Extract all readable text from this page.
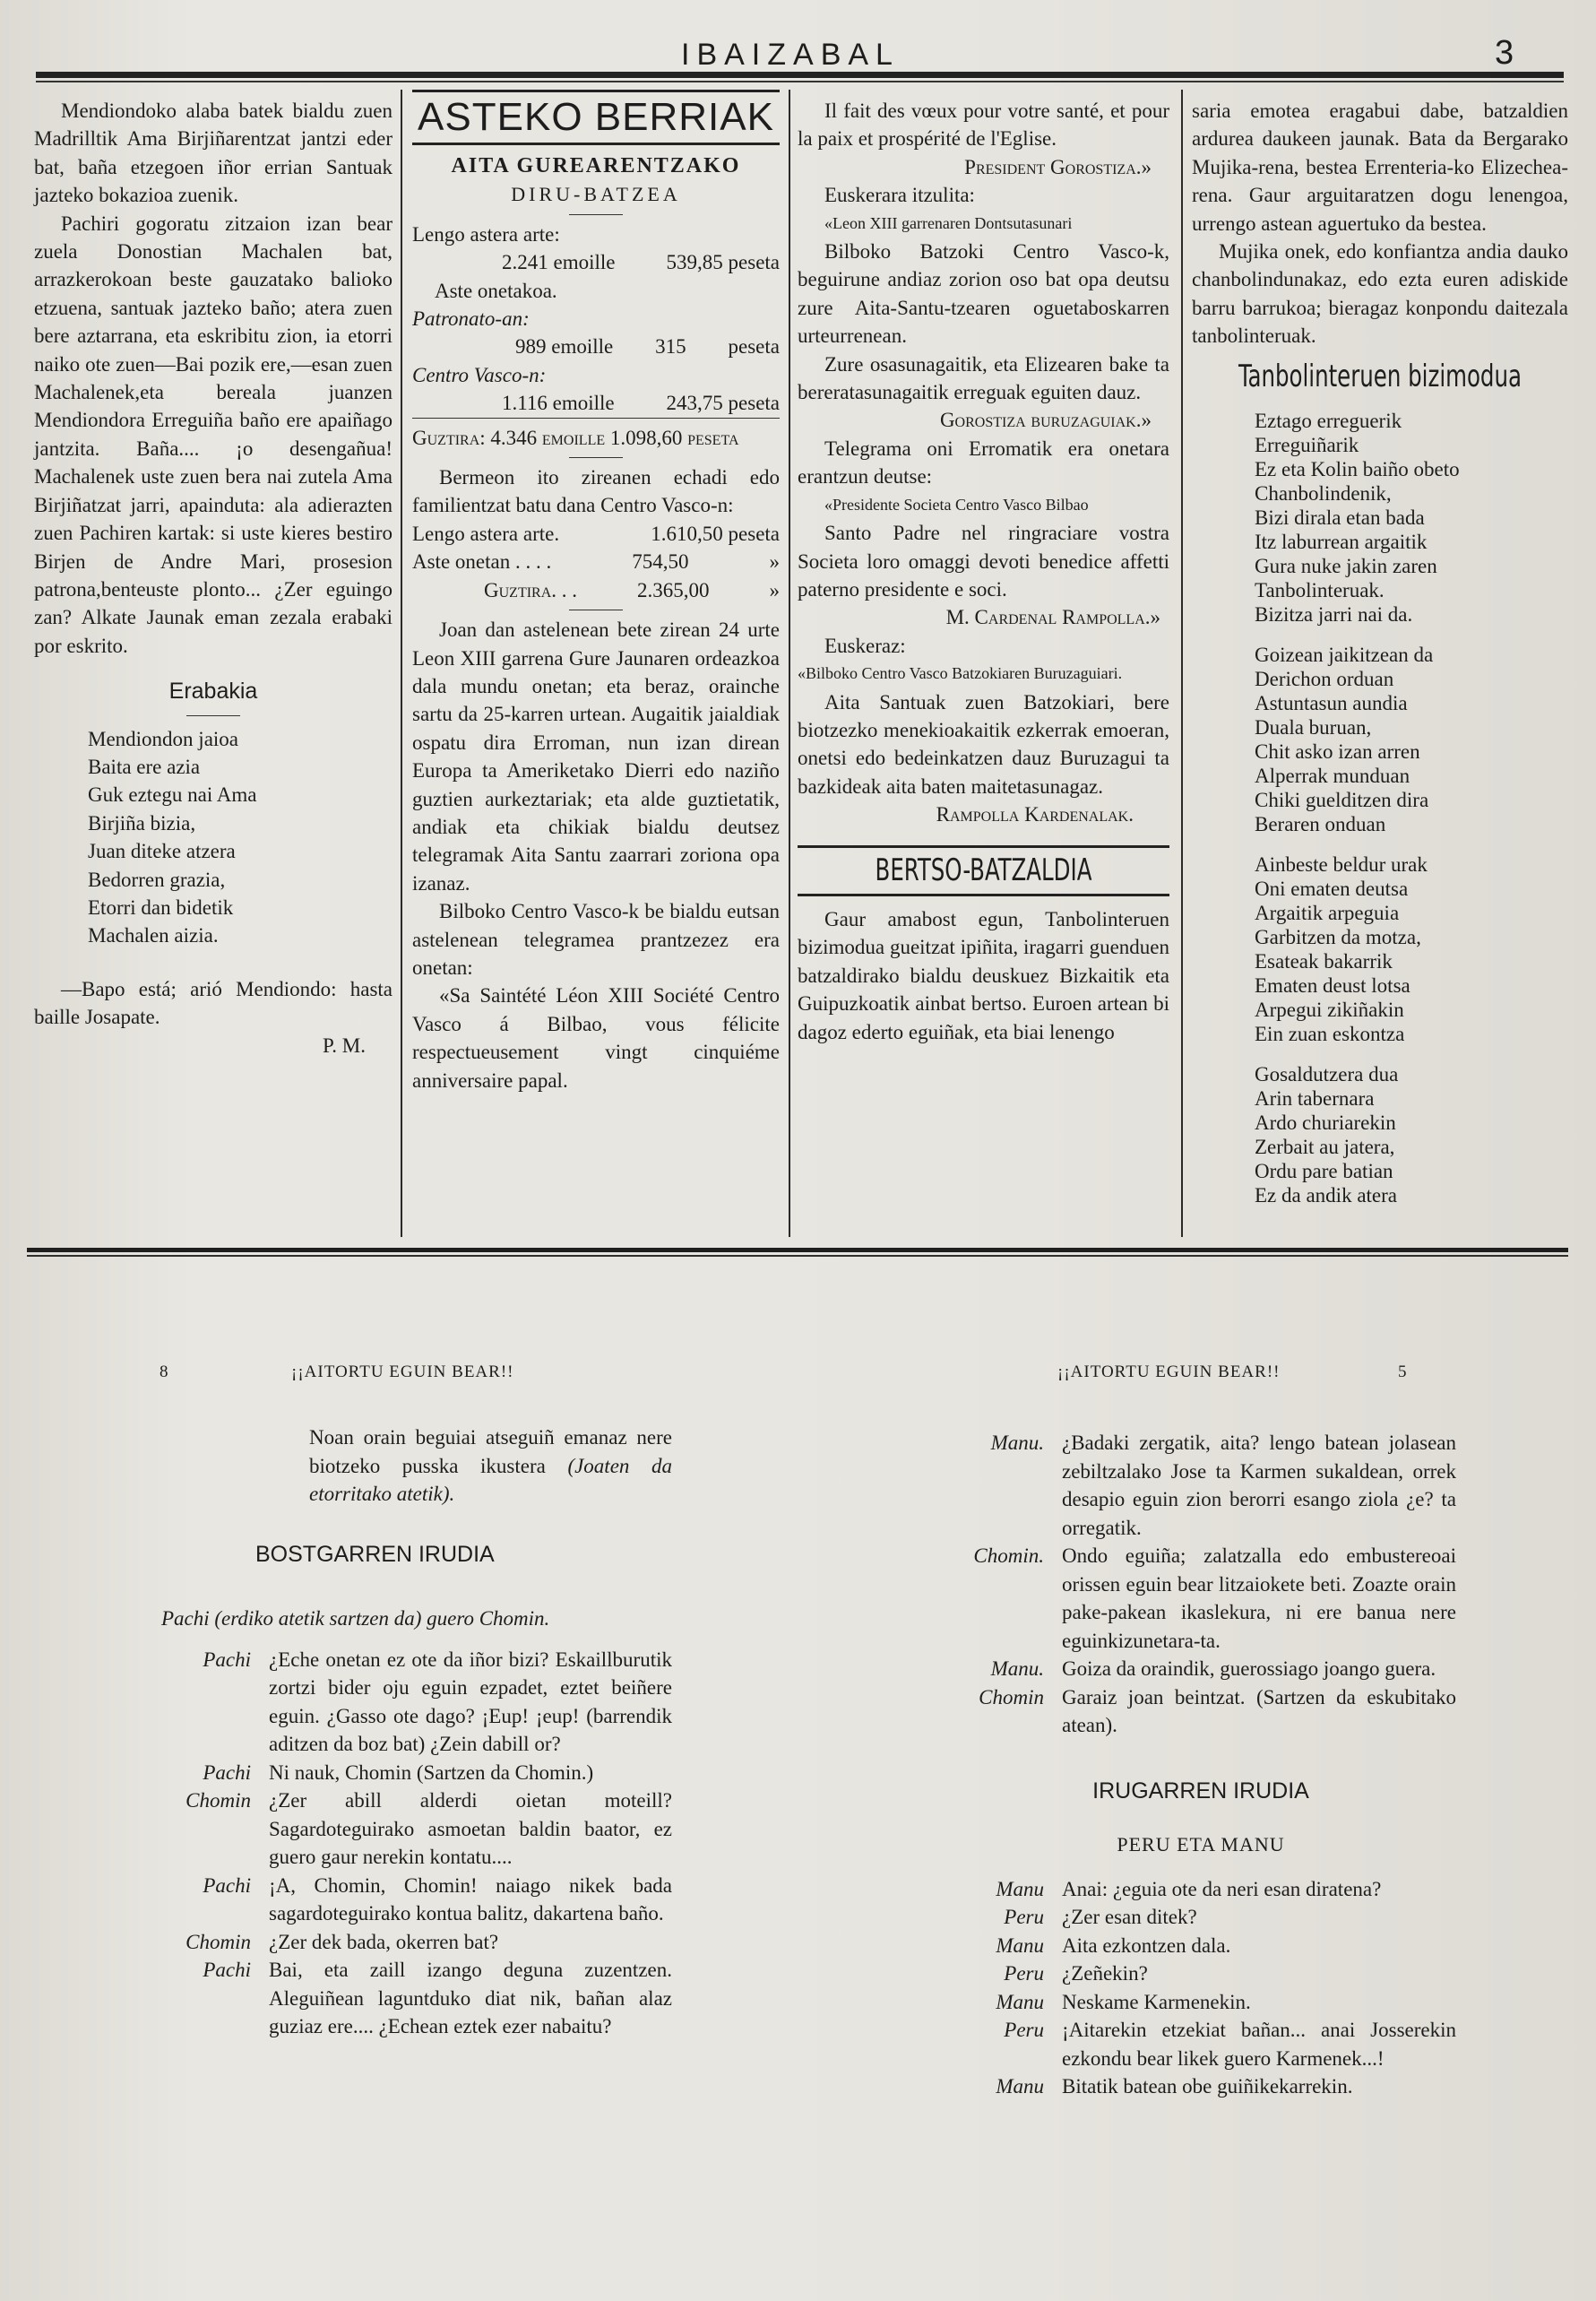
IBAIZABAL	3

Mendiondoko alaba batek bialdu zuen Madrilltik Ama Birjiñarentzat jantzi eder bat, baña etzegoen iñor errian Santuak jazteko bokazioa zuenik.

Pachiri gogoratu zitzaion izan bear zuela Donostian Machalen bat, arrazkerokoan beste gauzatako balioko etzuena, santuak jazteko baño; atera zuen bere aztarrana, eta eskribitu zion, ia etorri naiko ote zuen—Bai pozik ere,—esan zuen Machalenek,eta bereala juanzen Mendiondora Erreguiña baño ere apaiñago jantzita. Baña.... ¡o desengañua! Machalenek uste zuen bera nai zutela Ama Birjiñatzat jarri, apainduta: ala adierazten zuen Pachiren kartak: si uste kieres bestiro Birjen de Andre Mari, prosesion patrona,benteuste plonto... ¿Zer eguingo zan? Alkate Jaunak eman zezala erabaki por eskrito.

Erabakia
Mendiondon jaioa
Baita ere azia
Guk eztegu nai Ama
Birjiña bizia,
Juan diteke atzera
Bedorren grazia,
Etorri dan bidetik
Machalen aizia.

—Bapo está; arió Mendiondo: hasta baille Josapate.

P. M.

ASTEKO BERRIAK
AITA GUREARENTZAKO
DIRU-BATZEA

Lengo astera arte:

2.241 emoille 539,85 peseta

Aste onetakoa.

Patronato-an:

989 emoille 315 peseta

Centro Vasco-n:

1.116 emoille	243,75 peseta

Guztira: 4.346 emoille 1.098,60 peseta

Bermeon ito zireanen echadi edo familientzat batu dana Centro Vasco-n:

Lengo astera arte.	1.610,50 peseta
Aste onetan . . . .	754,50	»
Guztira. . .	2.365,00	»

Joan dan astelenean bete zirean 24 urte Leon XIII garrena Gure Jaunaren ordeazkoa dala mundu onetan; eta beraz, orainche sartu da 25-karren urtean. Augaitik jaialdiak ospatu dira Erroman, nun izan direan Europa ta Ameriketako Dierri edo naziño guztien aurkeztariak; eta alde guztietatik, andiak eta chikiak bialdu deutsez telegramak Aita Santu zaarrari zoriona opa izanaz.

Bilboko Centro Vasco-k be bialdu eutsan astelenean telegramea prantzezez era onetan:

«Sa Saintété Léon XIII Société Centro Vasco á Bilbao, vous félicite respectueusement vingt cinquiéme anniversaire papal.

Il fait des vœux pour votre santé, et pour la paix et prospérité de l'Eglise.

President Gorostiza.»

Euskerara itzulita:

«Leon XIII garrenaren Dontsutasunari

Bilboko Batzoki Centro Vasco-k, beguirune andiaz zorion oso bat opa deutsu zure Aita-Santu-tzearen oguetaboskarren urteurrenean.

Zure osasunagaitik, eta Elizearen bake ta bereratasunagaitik erreguak eguiten dauz.

Gorostiza buruzaguiak.»

Telegrama oni Erromatik era onetara erantzun deutse:

«Presidente Societa Centro Vasco Bilbao

Santo Padre nel ringraciare vostra Societa loro omaggi devoti benedice affetti paterno presidente e soci.

M. Cardenal Rampolla.»

Euskeraz:

«Bilboko Centro Vasco Batzokiaren Buruzaguiari.

Aita Santuak zuen Batzokiari, bere biotzezko menekioakaitik ezkerrak emoeran, onetsi edo bedeinkatzen dauz Buruzagui ta bazkideak aita baten maitetasunagaz.

Rampolla Kardenalak.

BERTSO-BATZALDIA

Gaur amabost egun, Tanbolinteruen bizimodua gueitzat ipiñita, iragarri guenduen batzaldirako bialdu deuskuez Bizkaitik eta Guipuzkoatik ainbat bertso. Euroen artean bi dagoz ederto eguiñak, eta biai lenengo

saria emotea eragabui dabe, batzaldien ardurea daukeen jaunak. Bata da Bergarako Mujika-rena, bestea Errenteria-ko Elizechea-rena. Gaur arguitaratzen dogu lenengoa, urrengo astean aguertuko da bestea.

Mujika onek, edo konfiantza andia dauko chanbolindunakaz, edo ezta euren adiskide barru barrukoa; bieragaz konpondu daitezala tanbolinteruak.

Tanbolinteruen bizimodua
Eztago erreguerik
Erreguiñarik
Ez eta Kolin baiño obeto
Chanbolindenik,
Bizi dirala etan bada
Itz laburrean argaitik
Gura nuke jakin zaren
Tanbolinteruak.
Bizitza jarri nai da.
Goizean jaikitzean da
Derichon orduan
Astuntasun aundia
Duala buruan,
Chit asko izan arren
Alperrak munduan
Chiki guelditzen dira
Beraren onduan
Ainbeste beldur urak
Oni ematen deutsa
Argaitik arpeguia
Garbitzen da motza,
Esateak bakarrik
Ematen deust lotsa
Arpegui zikiñakin
Ein zuan eskontza
Gosaldutzera dua
Arin tabernara
Ardo churiarekin
Zerbait au jatera,
Ordu pare batian
Ez da andik atera
8	¡¡AITORTU EGUIN BEAR!!	¡¡AITORTU EGUIN BEAR!!	5

Noan orain beguiai atseguiñ emanaz nere biotzeko pusska ikustera (Joaten da etorritako atetik).

BOSTGARREN IRUDIA

Pachi (erdiko atetik sartzen da) guero Chomin.

Pachi ¿Eche onetan ez ote da iñor bizi? Eskaillburutik zortzi bider oju eguin ezpadet, eztet beiñere eguin. ¿Gasso ote dago? ¡Eup! ¡eup! (barrendik aditzen da boz bat) ¿Zein dabill or?
Pachi Ni nauk, Chomin (Sartzen da Chomin.)
Chomin ¿Zer abill alderdi oietan moteill? Sagardoteguirako asmoetan baldin baator, ez guero gaur nerekin kontatu....
Pachi ¡A, Chomin, Chomin! naiago nikek bada sagardoteguirako kontua balitz, dakartena baño.
Chomin ¿Zer dek bada, okerren bat?
Pachi Bai, eta zaill izango deguna zuzentzen. Aleguiñean laguntduko diat nik, bañan alaz guziaz ere.... ¿Echean eztek ezer nabaitu?
Manu. ¿Badaki zergatik, aita? lengo batean jolasean zebiltzalako Jose ta Karmen sukaldean, orrek desapio eguin zion berorri esango ziola ¿e? ta orregatik.
Chomin. Ondo eguiña; zalatzalla edo embustereoai orissen eguin bear litzaiokete beti. Zoazte orain pake-pakean ikaslekura, ni ere banua nere eguinkizunetara-ta.
Manu. Goiza da oraindik, guerossiago joango guera.
Chomin Garaiz joan beintzat. (Sartzen da eskubitako atean).
IRUGARREN IRUDIA
PERU ETA MANU
Manu Anai: ¿eguia ote da neri esan diratena?
Peru ¿Zer esan ditek?
Manu Aita ezkontzen dala.
Peru ¿Zeñekin?
Manu Neskame Karmenekin.
Peru ¡Aitarekin etzekiat bañan... anai Josserekin ezkondu bear likek guero Karmenek...!
Manu Bitatik batean obe guiñikekarrekin.
